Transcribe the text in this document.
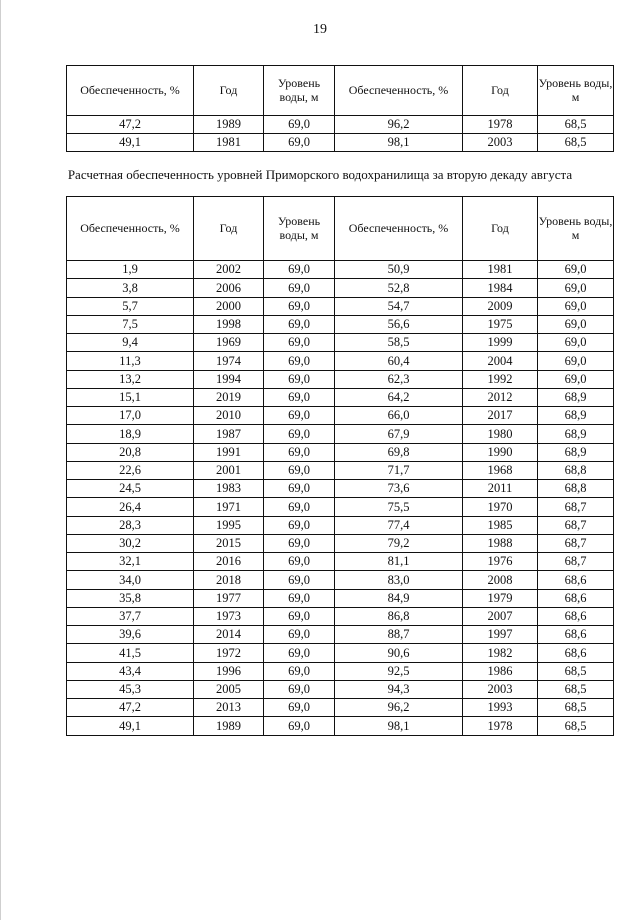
19
Обеспеченность, %	Год	Уровень воды, м	Обеспеченность, %	Год	Уровень воды, м
47,2	1989	69,0	96,2	1978	68,5
49,1	1981	69,0	98,1	2003	68,5
Расчетная обеспеченность уровней Приморского водохранилища за вторую декаду августа
Обеспеченность, %	Год	Уровень воды, м	Обеспеченность, %	Год	Уровень воды, м
1,9	2002	69,0	50,9	1981	69,0
3,8	2006	69,0	52,8	1984	69,0
5,7	2000	69,0	54,7	2009	69,0
7,5	1998	69,0	56,6	1975	69,0
9,4	1969	69,0	58,5	1999	69,0
11,3	1974	69,0	60,4	2004	69,0
13,2	1994	69,0	62,3	1992	69,0
15,1	2019	69,0	64,2	2012	68,9
17,0	2010	69,0	66,0	2017	68,9
18,9	1987	69,0	67,9	1980	68,9
20,8	1991	69,0	69,8	1990	68,9
22,6	2001	69,0	71,7	1968	68,8
24,5	1983	69,0	73,6	2011	68,8
26,4	1971	69,0	75,5	1970	68,7
28,3	1995	69,0	77,4	1985	68,7
30,2	2015	69,0	79,2	1988	68,7
32,1	2016	69,0	81,1	1976	68,7
34,0	2018	69,0	83,0	2008	68,6
35,8	1977	69,0	84,9	1979	68,6
37,7	1973	69,0	86,8	2007	68,6
39,6	2014	69,0	88,7	1997	68,6
41,5	1972	69,0	90,6	1982	68,6
43,4	1996	69,0	92,5	1986	68,5
45,3	2005	69,0	94,3	2003	68,5
47,2	2013	69,0	96,2	1993	68,5
49,1	1989	69,0	98,1	1978	68,5
